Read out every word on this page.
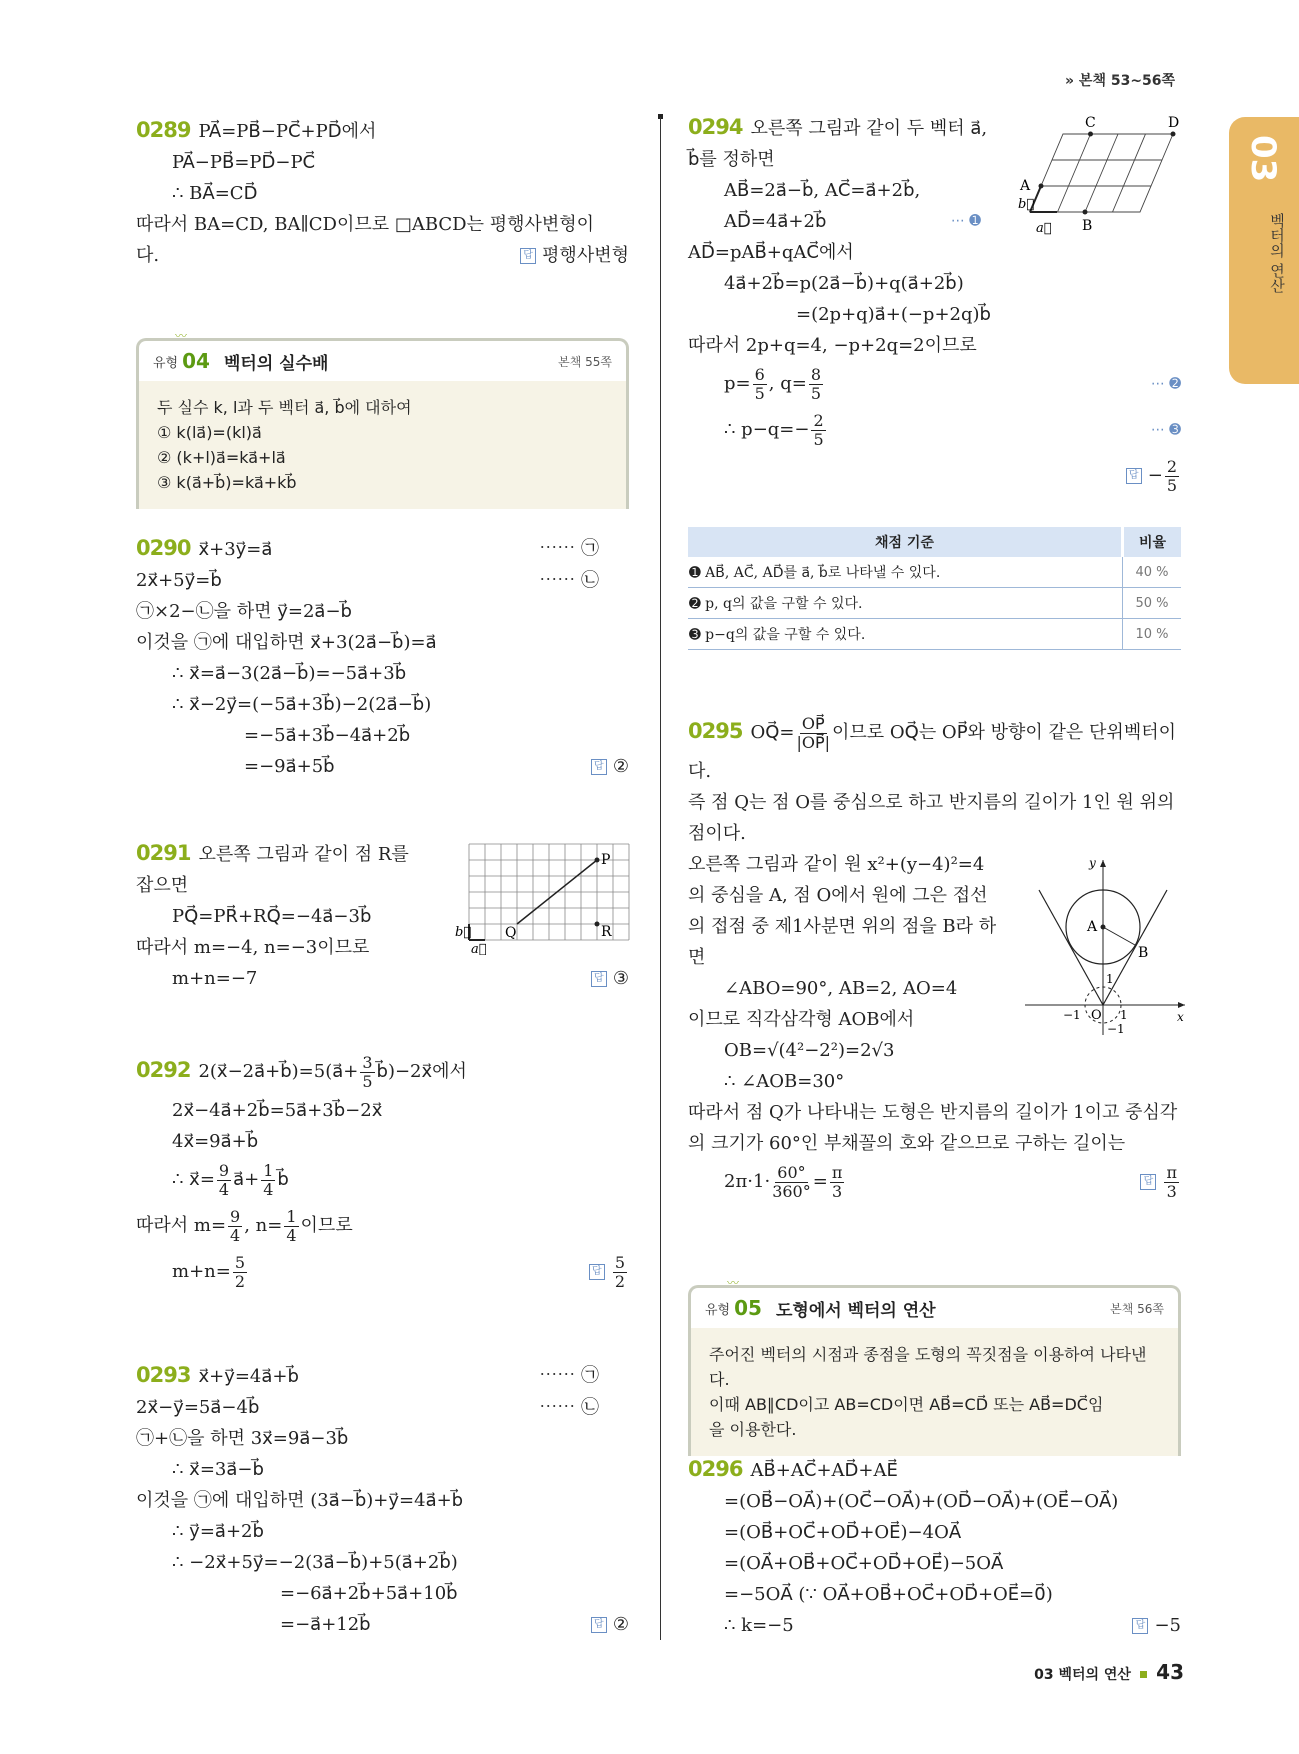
» 본책 53~56쪽
03
벡터의 연산
0289 PA⃗=PB⃗−PC⃗+PD⃗에서
PA⃗−PB⃗=PD⃗−PC⃗
∴ BA⃗=CD⃗
따라서 BA=CD, BA∥CD이므로 □ABCD는 평행사변형이
다.	답 평행사변형
〰
유형 04 벡터의 실수배	본책 55쪽
두 실수 k, l과 두 벡터 a⃗, b⃗에 대하여
① k(la⃗)=(kl)a⃗
② (k+l)a⃗=ka⃗+la⃗
③ k(a⃗+b⃗)=ka⃗+kb⃗
0290 x⃗+3y⃗=a⃗	⋯⋯ ㉠
2x⃗+5y⃗=b⃗	⋯⋯ ㉡
㉠×2−㉡을 하면 y⃗=2a⃗−b⃗
이것을 ㉠에 대입하면 x⃗+3(2a⃗−b⃗)=a⃗
∴ x⃗=a⃗−3(2a⃗−b⃗)=−5a⃗+3b⃗
∴ x⃗−2y⃗=(−5a⃗+3b⃗)−2(2a⃗−b⃗)
=−5a⃗+3b⃗−4a⃗+2b⃗
=−9a⃗+5b⃗	답 ②
0291 오른쪽 그림과 같이 점 R를
잡으면
PQ⃗=PR⃗+RQ⃗=−4a⃗−3b⃗
따라서 m=−4, n=−3이므로
m+n=−7	답 ③
P
Q	R
b⃗
a⃗
0292 2(x⃗−2a⃗+b⃗)=5(a⃗+ $\frac{3}{5}$ b⃗)−2x⃗에서
2x⃗−4a⃗+2b⃗=5a⃗+3b⃗−2x⃗
4x⃗=9a⃗+b⃗
∴ x⃗= $\frac{9}{4}$ a⃗+ $\frac{1}{4}$ b⃗
따라서 $m= \frac{9}{4}$ , $n= \frac{1}{4}$ 이므로
$m+n= \frac{5}{2}$	답 $\frac{5}{2}$
0293 x⃗+y⃗=4a⃗+b⃗	⋯⋯ ㉠
2x⃗−y⃗=5a⃗−4b⃗	⋯⋯ ㉡
㉠+㉡을 하면 3x⃗=9a⃗−3b⃗
∴ x⃗=3a⃗−b⃗
이것을 ㉠에 대입하면 (3a⃗−b⃗)+y⃗=4a⃗+b⃗
∴ y⃗=a⃗+2b⃗
∴ −2x⃗+5y⃗=−2(3a⃗−b⃗)+5(a⃗+2b⃗)
=−6a⃗+2b⃗+5a⃗+10b⃗
=−a⃗+12b⃗	답 ②
0294 오른쪽 그림과 같이 두 벡터 a⃗,
b⃗를 정하면
AB⃗=2a⃗−b⃗, AC⃗=a⃗+2b⃗,
AD⃗=4a⃗+2b⃗	⋯ ➊
AD⃗=pAB⃗+qAC⃗에서
4a⃗+2b⃗=p(2a⃗−b⃗)+q(a⃗+2b⃗)
=(2p+q)a⃗+(−p+2q)b⃗
따라서 2p+q=4, −p+2q=2이므로
$p= \frac{6}{5}$ , $q= \frac{8}{5}$	⋯ ➋
∴ $p-q=- \frac{2}{5}$	⋯ ➌
답 − $\frac{2}{5}$
C	D
A
B
b⃗
a⃗
채점 기준	비율
➊ AB⃗, AC⃗, AD⃗를 a⃗, b⃗로 나타낼 수 있다.	40 %
➋ p, q의 값을 구할 수 있다.	50 %
➌ p−q의 값을 구할 수 있다.	10 %
0295 OQ⃗= $\frac{OP⃗}{|OP⃗|}$ 이므로 OQ⃗는 OP⃗와 방향이 같은 단위벡터이
다.
즉 점 Q는 점 O를 중심으로 하고 반지름의 길이가 1인 원 위의
점이다.
오른쪽 그림과 같이 원 x²+(y−4)²=4
의 중심을 A, 점 O에서 원에 그은 접선
의 접점 중 제1사분면 위의 점을 B라 하
면
∠ABO=90°, AB=2, AO=4
이므로 직각삼각형 AOB에서
OB=√(4²−2²)=2√3
∴ ∠AOB=30°
따라서 점 Q가 나타내는 도형은 반지름의 길이가 1이고 중심각
의 크기가 60°인 부채꼴의 호와 같으므로 구하는 길이는
$2\pi\cdot 1\cdot \frac{60^\circ}{360^\circ} = \frac{\pi}{3}$	답 $\frac{\pi}{3}$
y
x
A
B
O
1
−1	1
−1
〰
유형 05 도형에서 벡터의 연산	본책 56쪽
주어진 벡터의 시점과 종점을 도형의 꼭짓점을 이용하여 나타낸다.
이때 AB∥CD이고 AB=CD이면 AB⃗=CD⃗ 또는 AB⃗=DC⃗임
을 이용한다.
0296 AB⃗+AC⃗+AD⃗+AE⃗
=(OB⃗−OA⃗)+(OC⃗−OA⃗)+(OD⃗−OA⃗)+(OE⃗−OA⃗)
=(OB⃗+OC⃗+OD⃗+OE⃗)−4OA⃗
=(OA⃗+OB⃗+OC⃗+OD⃗+OE⃗)−5OA⃗
=−5OA⃗ (∵ OA⃗+OB⃗+OC⃗+OD⃗+OE⃗=0⃗)
∴ k=−5	답 −5
03 벡터의 연산 43
